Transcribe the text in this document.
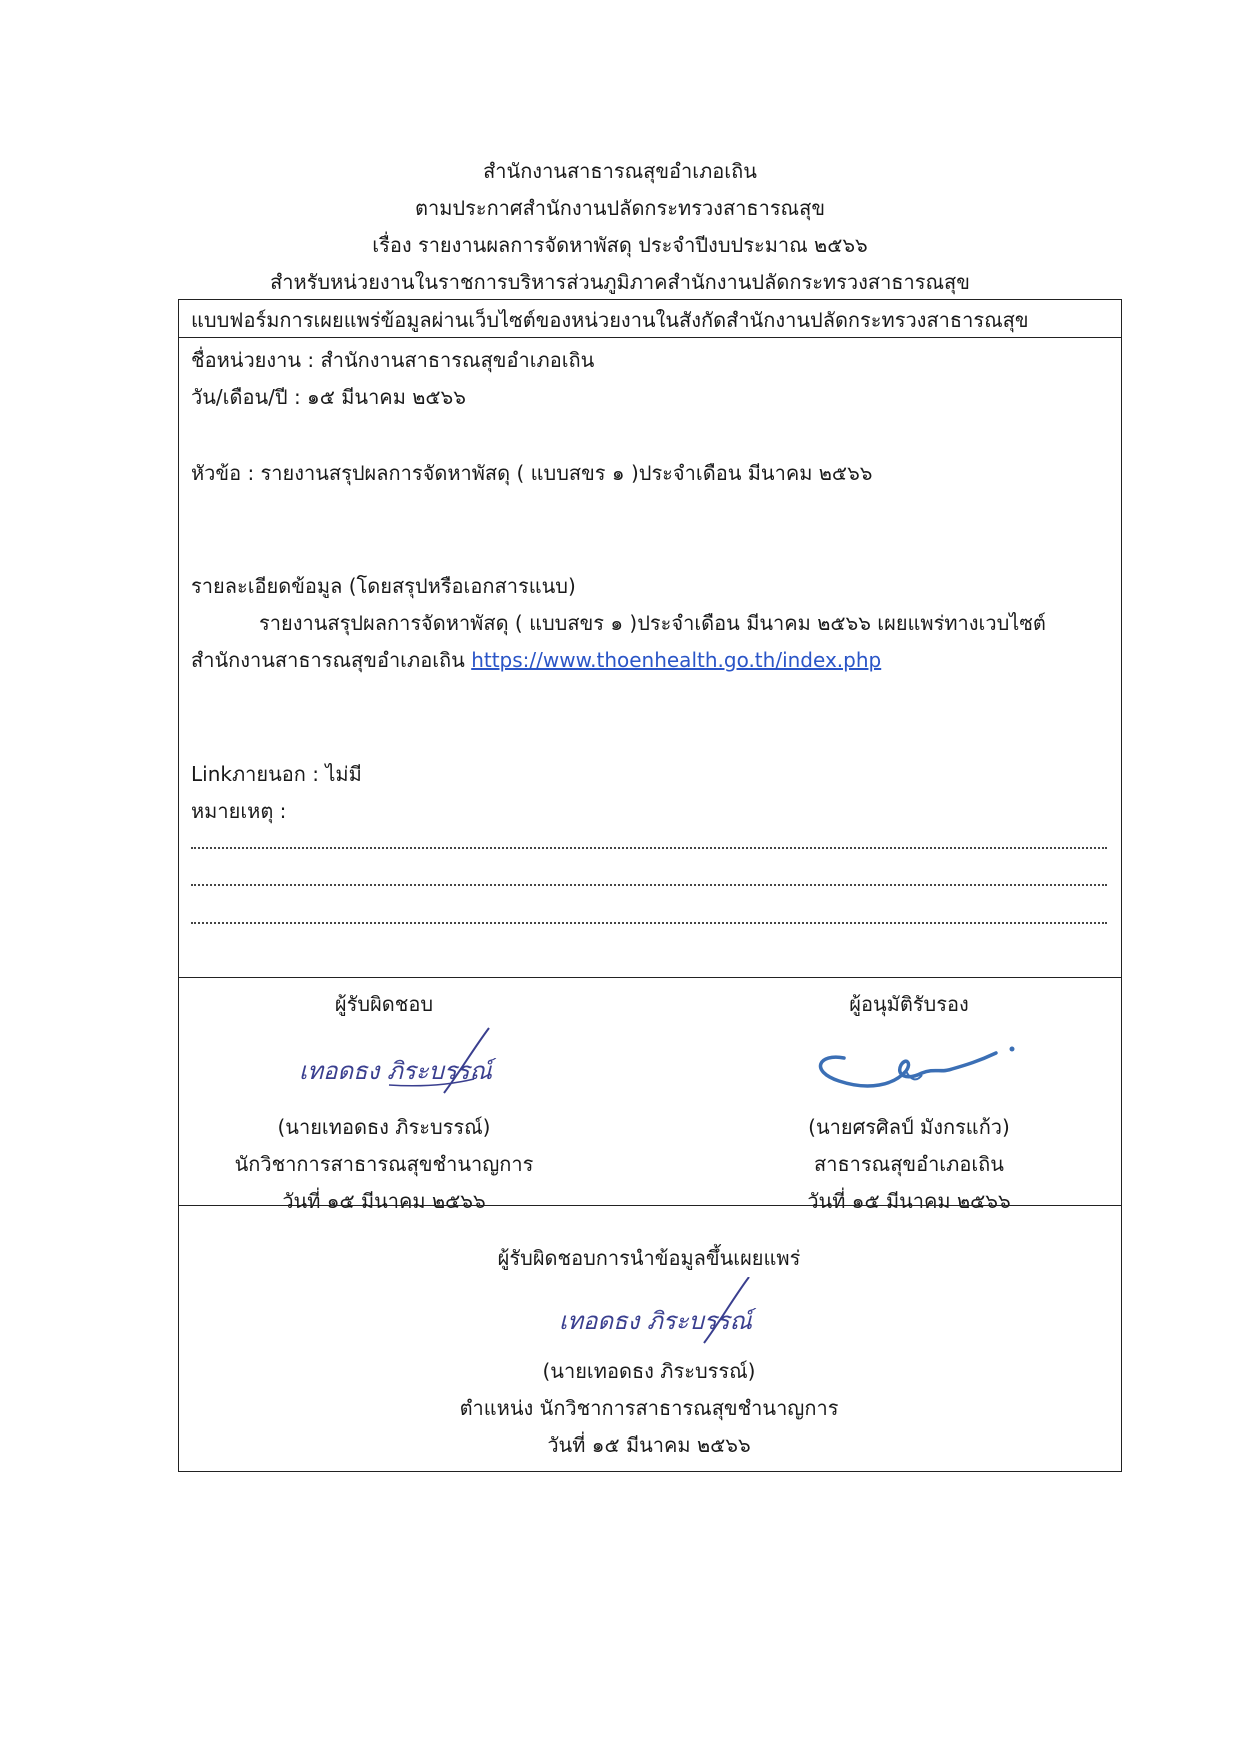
สำนักงานสาธารณสุขอำเภอเถิน
ตามประกาศสำนักงานปลัดกระทรวงสาธารณสุข
เรื่อง รายงานผลการจัดหาพัสดุ ประจำปีงบประมาณ ๒๕๖๖
สำหรับหน่วยงานในราชการบริหารส่วนภูมิภาคสำนักงานปลัดกระทรวงสาธารณสุข
แบบฟอร์มการเผยแพร่ข้อมูลผ่านเว็บไซต์ของหน่วยงานในสังกัดสำนักงานปลัดกระทรวงสาธารณสุข
ชื่อหน่วยงาน : สำนักงานสาธารณสุขอำเภอเถิน
วัน/เดือน/ปี : ๑๕ มีนาคม ๒๕๖๖
หัวข้อ : รายงานสรุปผลการจัดหาพัสดุ ( แบบสขร ๑ )ประจำเดือน มีนาคม ๒๕๖๖
รายละเอียดข้อมูล (โดยสรุปหรือเอกสารแนบ)
รายงานสรุปผลการจัดหาพัสดุ ( แบบสขร ๑ )ประจำเดือน มีนาคม ๒๕๖๖ เผยแพร่ทางเวบไซต์
สำนักงานสาธารณสุขอำเภอเถิน https://www.thoenhealth.go.th/index.php
Linkภายนอก : ไม่มี
หมายเหตุ :
ผู้รับผิดชอบ
เทอดธง ภิระบรรณ์
(นายเทอดธง ภิระบรรณ์)
นักวิชาการสาธารณสุขชำนาญการ
วันที่ ๑๕ มีนาคม ๒๕๖๖
ผู้อนุมัติรับรอง
(นายศรศิลป์ มังกรแก้ว)
สาธารณสุขอำเภอเถิน
วันที่ ๑๕ มีนาคม ๒๕๖๖
ผู้รับผิดชอบการนำข้อมูลขึ้นเผยแพร่
เทอดธง ภิระบรรณ์
(นายเทอดธง ภิระบรรณ์)
ตำแหน่ง นักวิชาการสาธารณสุขชำนาญการ
วันที่ ๑๕ มีนาคม ๒๕๖๖
